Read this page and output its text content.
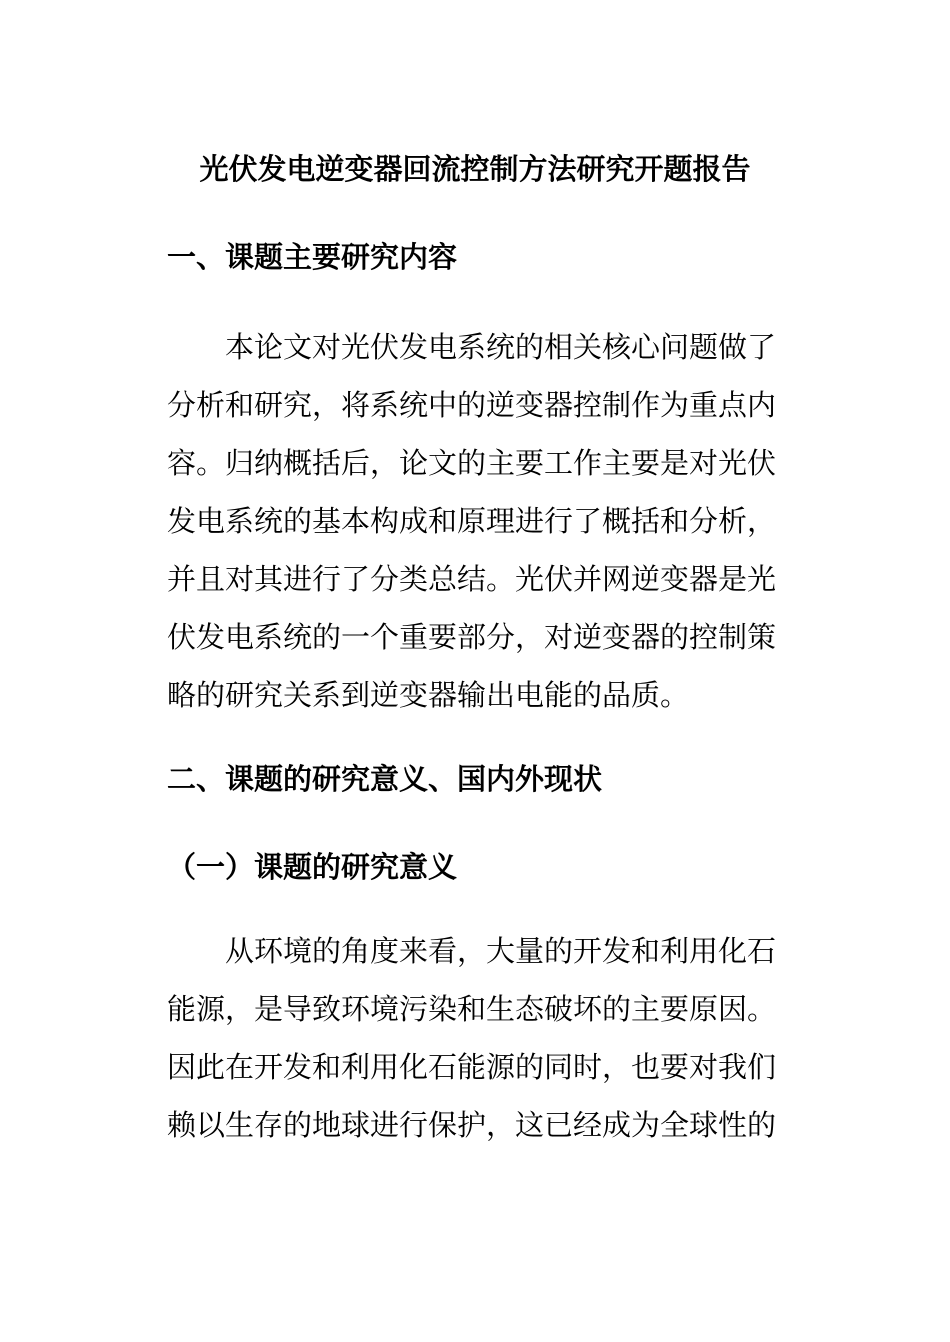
光伏发电逆变器回流控制方法研究开题报告
一、课题主要研究内容
本论文对光伏发电系统的相关核心问题做了
分析和研究，将系统中的逆变器控制作为重点内
容。归纳概括后，论文的主要工作主要是对光伏
发电系统的基本构成和原理进行了概括和分析，
并且对其进行了分类总结。光伏并网逆变器是光
伏发电系统的一个重要部分，对逆变器的控制策
略的研究关系到逆变器输出电能的品质。
二、课题的研究意义、国内外现状
（一）课题的研究意义
从环境的角度来看，大量的开发和利用化石
能源，是导致环境污染和生态破坏的主要原因。
因此在开发和利用化石能源的同时，也要对我们
赖以生存的地球进行保护，这已经成为全球性的
